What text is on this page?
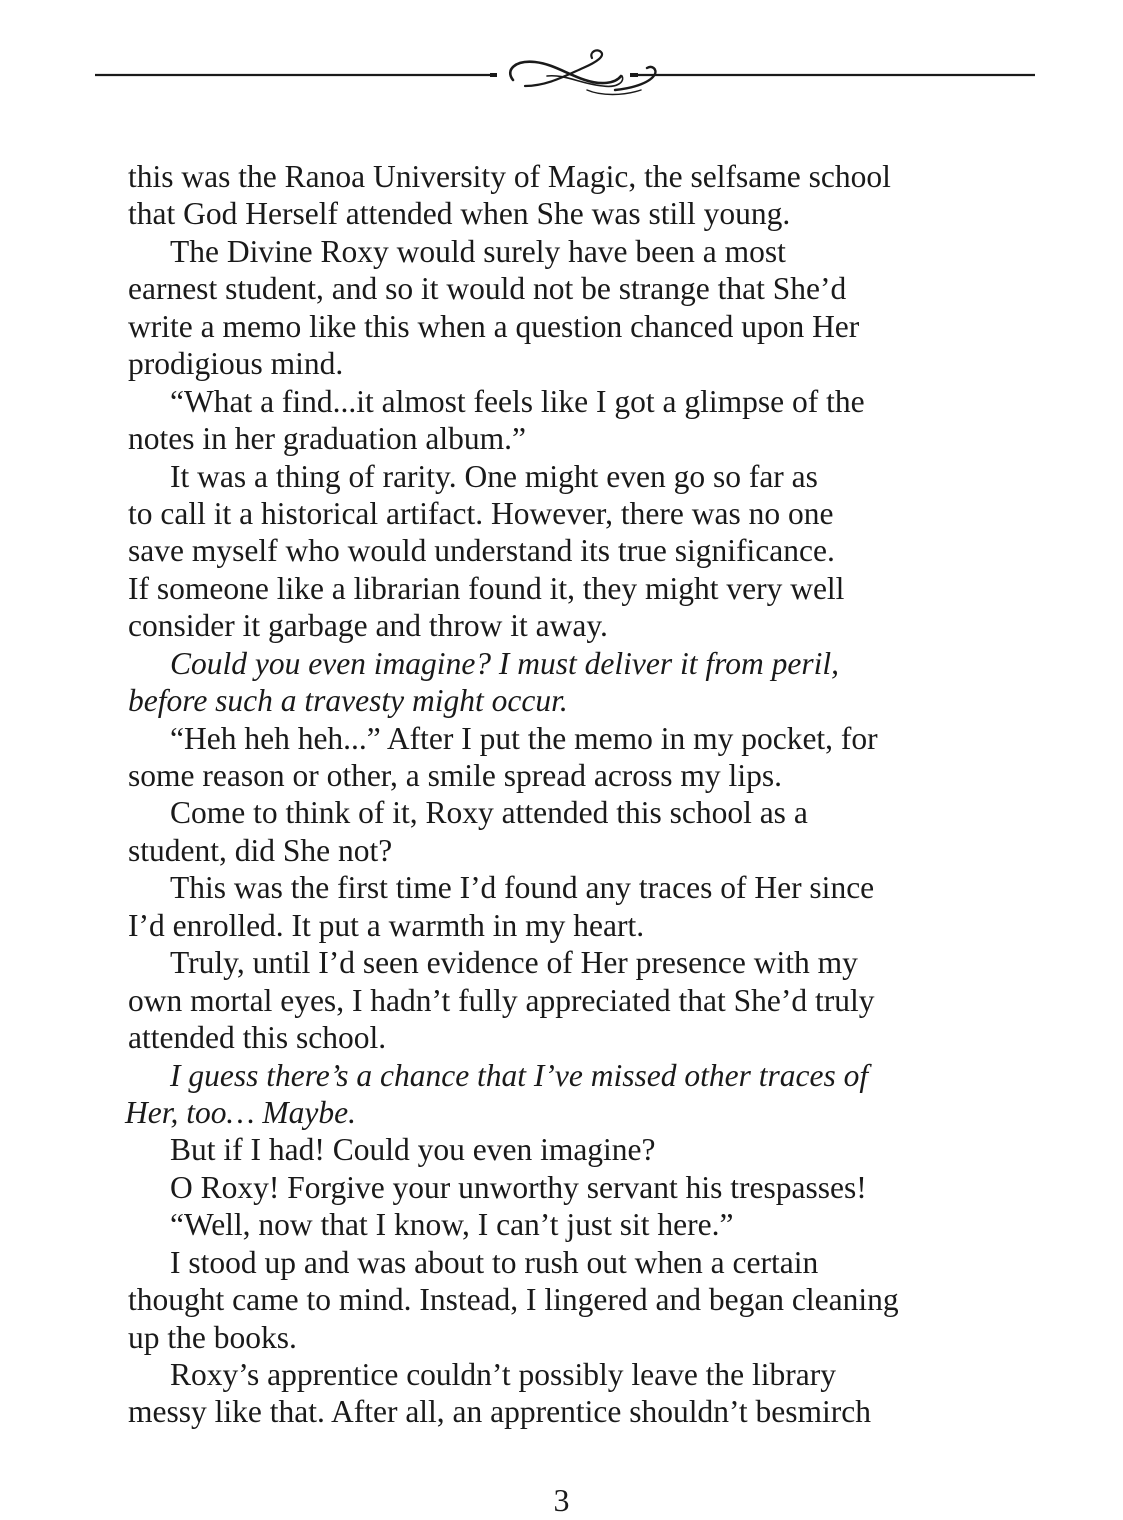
this was the Ranoa University of Magic, the selfsame school
that God Herself attended when She was still young.
The Divine Roxy would surely have been a most
earnest student, and so it would not be strange that She’d
write a memo like this when a question chanced upon Her
prodigious mind.
“What a find...it almost feels like I got a glimpse of the
notes in her graduation album.”
It was a thing of rarity. One might even go so far as
to call it a historical artifact. However, there was no one
save myself who would understand its true significance.
If someone like a librarian found it, they might very well
consider it garbage and throw it away.
Could you even imagine? I must deliver it from peril,
before such a travesty might occur.
“Heh heh heh...” After I put the memo in my pocket, for
some reason or other, a smile spread across my lips.
Come to think of it, Roxy attended this school as a
student, did She not?
This was the first time I’d found any traces of Her since
I’d enrolled. It put a warmth in my heart.
Truly, until I’d seen evidence of Her presence with my
own mortal eyes, I hadn’t fully appreciated that She’d truly
attended this school.
I guess there’s a chance that I’ve missed other traces of
Her, too… Maybe.
But if I had! Could you even imagine?
O Roxy! Forgive your unworthy servant his trespasses!
“Well, now that I know, I can’t just sit here.”
I stood up and was about to rush out when a certain
thought came to mind. Instead, I lingered and began cleaning
up the books.
Roxy’s apprentice couldn’t possibly leave the library
messy like that. After all, an apprentice shouldn’t besmirch
3
